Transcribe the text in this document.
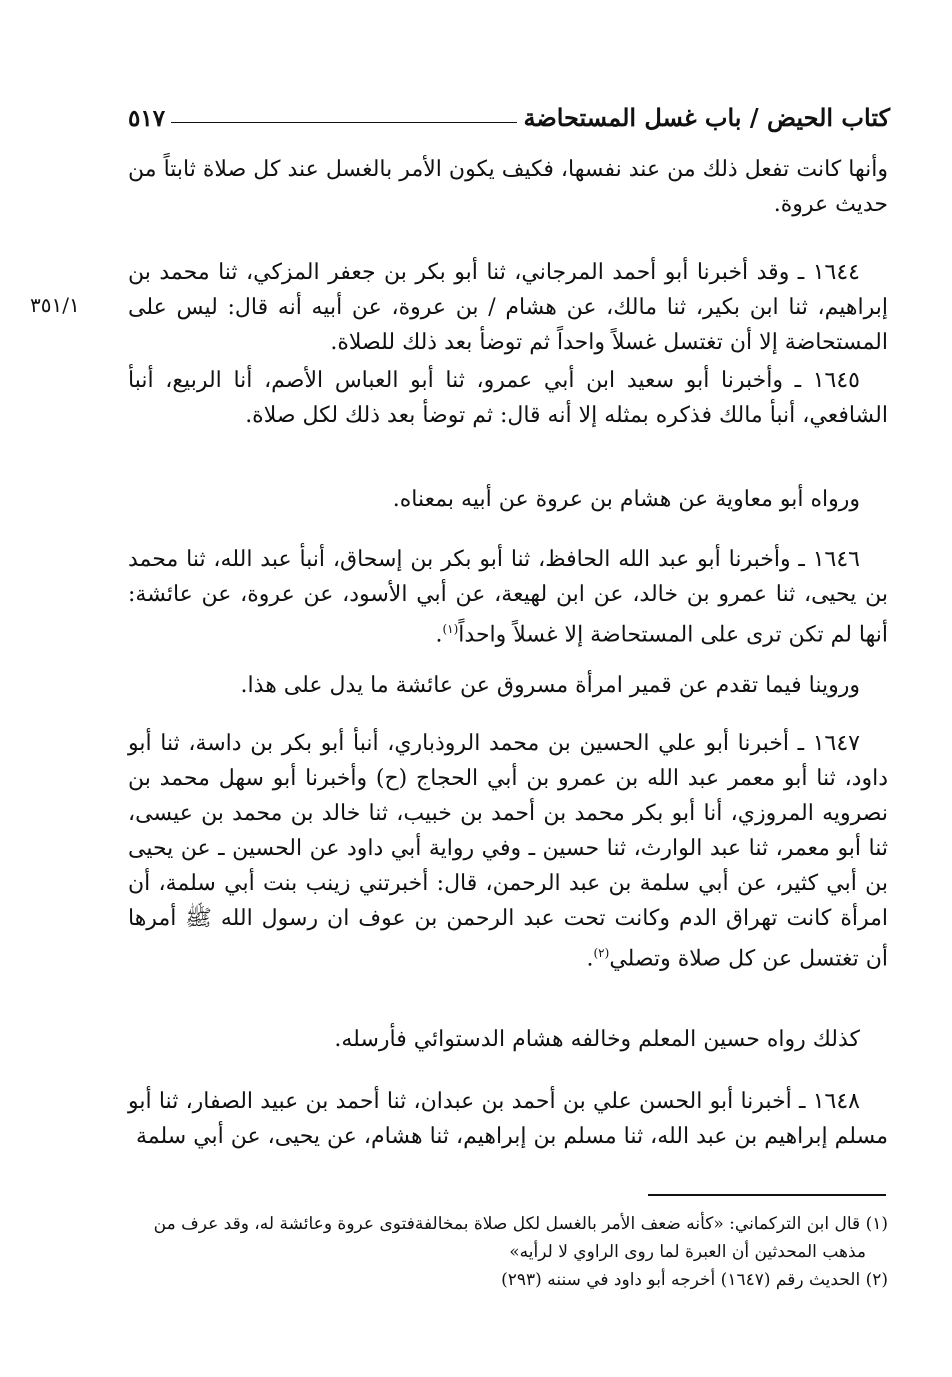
كتاب الحيض / باب غسل المستحاضة
٥١٧
٣٥١/١

وأنها كانت تفعل ذلك من عند نفسها، فكيف يكون الأمر بالغسل عند كل صلاة ثابتاً من حديث عروة.

١٦٤٤ ـ وقد أخبرنا أبو أحمد المرجاني، ثنا أبو بكر بن جعفر المزكي، ثنا محمد بن إبراهيم، ثنا ابن بكير، ثنا مالك، عن هشام / بن عروة، عن أبيه أنه قال: ليس على المستحاضة إلا أن تغتسل غسلاً واحداً ثم توضأ بعد ذلك للصلاة.

١٦٤٥ ـ وأخبرنا أبو سعيد ابن أبي عمرو، ثنا أبو العباس الأصم، أنا الربيع، أنبأ الشافعي، أنبأ مالك فذكره بمثله إلا أنه قال: ثم توضأ بعد ذلك لكل صلاة.

ورواه أبو معاوية عن هشام بن عروة عن أبيه بمعناه.

١٦٤٦ ـ وأخبرنا أبو عبد الله الحافظ، ثنا أبو بكر بن إسحاق، أنبأ عبد الله، ثنا محمد بن يحيى، ثنا عمرو بن خالد، عن ابن لهيعة، عن أبي الأسود، عن عروة، عن عائشة: أنها لم تكن ترى على المستحاضة إلا غسلاً واحداً$^{(١)}$.

وروينا فيما تقدم عن قمير امرأة مسروق عن عائشة ما يدل على هذا.

١٦٤٧ ـ أخبرنا أبو علي الحسين بن محمد الروذباري، أنبأ أبو بكر بن داسة، ثنا أبو داود، ثنا أبو معمر عبد الله بن عمرو بن أبي الحجاج (ح) وأخبرنا أبو سهل محمد بن نصرويه المروزي، أنا أبو بكر محمد بن أحمد بن خبيب، ثنا خالد بن محمد بن عيسى، ثنا أبو معمر، ثنا عبد الوارث، ثنا حسين ـ وفي رواية أبي داود عن الحسين ـ عن يحيى بن أبي كثير، عن أبي سلمة بن عبد الرحمن، قال: أخبرتني زينب بنت أبي سلمة، أن امرأة كانت تهراق الدم وكانت تحت عبد الرحمن بن عوف ان رسول الله ﷺ أمرها أن تغتسل عن كل صلاة وتصلي$^{(٢)}$.

كذلك رواه حسين المعلم وخالفه هشام الدستوائي فأرسله.

١٦٤٨ ـ أخبرنا أبو الحسن علي بن أحمد بن عبدان، ثنا أحمد بن عبيد الصفار، ثنا أبو مسلم إبراهيم بن عبد الله، ثنا مسلم بن إبراهيم، ثنا هشام، عن يحيى، عن أبي سلمة

(١) قال ابن التركماني: «كأنه ضعف الأمر بالغسل لكل صلاة بمخالفةفتوى عروة وعائشة له، وقد عرف من

مذهب المحدثين أن العبرة لما روى الراوي لا لرأيه»

(٢) الحديث رقم (١٦٤٧) أخرجه أبو داود في سننه (٢٩٣)
